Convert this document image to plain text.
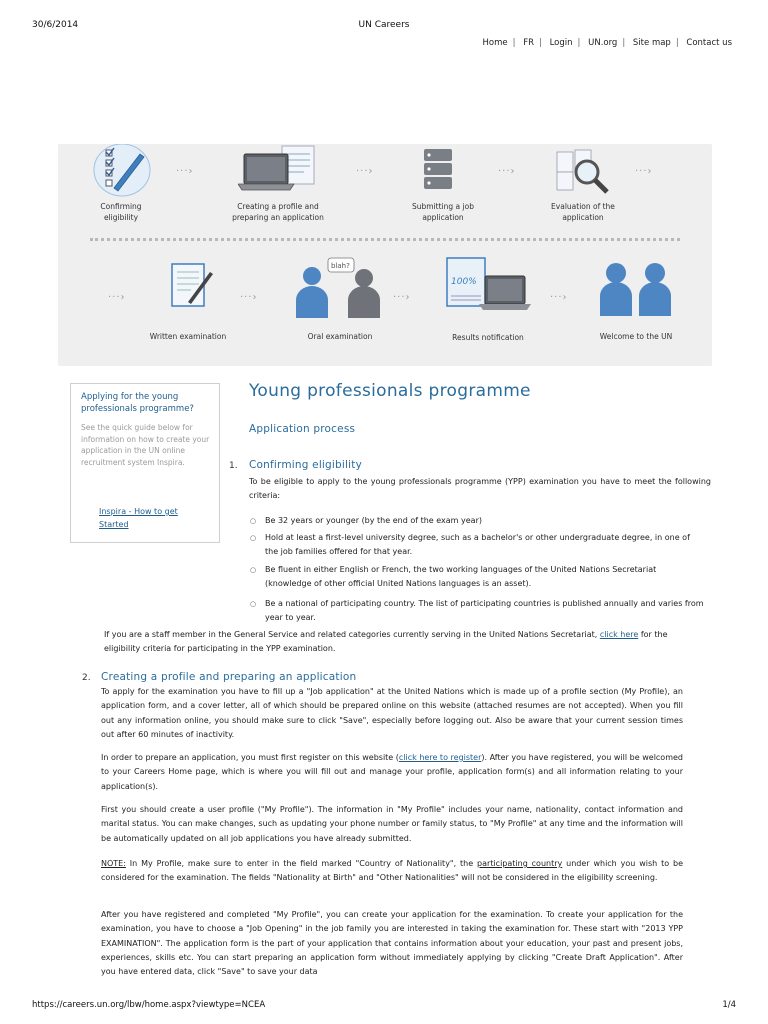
30/6/2014	UN Careers
Home | FR | Login | UN.org | Site map | Contact us
···›	···›	···›	···›
Confirming eligibility
Creating a profile and preparing an application
Submitting a job application
Evaluation of the application
···›	···›
blah?
···›
100%
···›
Written examination	Oral examination	Results notification	Welcome to the UN
Applying for the young professionals programme?
See the quick guide below for information on how to create your application in the UN online recruitment system Inspira.
Inspira - How to get Started
Young professionals programme
Application process
1. Confirming eligibility
To be eligible to apply to the young professionals programme (YPP) examination you have to meet the following criteria:
○ Be 32 years or younger (by the end of the exam year)
○ Hold at least a first-level university degree, such as a bachelor's or other undergraduate degree, in one of the job families offered for that year.
○ Be fluent in either English or French, the two working languages of the United Nations Secretariat (knowledge of other official United Nations languages is an asset).
○ Be a national of participating country. The list of participating countries is published annually and varies from year to year.
If you are a staff member in the General Service and related categories currently serving in the United Nations Secretariat, click here for the eligibility criteria for participating in the YPP examination.
2. Creating a profile and preparing an application
To apply for the examination you have to fill up a "Job application" at the United Nations which is made up of a profile section (My Profile), an application form, and a cover letter, all of which should be prepared online on this website (attached resumes are not accepted). When you fill out any information online, you should make sure to click "Save", especially before logging out. Also be aware that your current session times out after 60 minutes of inactivity.
In order to prepare an application, you must first register on this website (click here to register). After you have registered, you will be welcomed to your Careers Home page, which is where you will fill out and manage your profile, application form(s) and all information relating to your application(s).
First you should create a user profile ("My Profile"). The information in "My Profile" includes your name, nationality, contact information and marital status. You can make changes, such as updating your phone number or family status, to "My Profile" at any time and the information will be automatically updated on all job applications you have already submitted.
NOTE: In My Profile, make sure to enter in the field marked "Country of Nationality", the participating country under which you wish to be considered for the examination. The fields "Nationality at Birth" and "Other Nationalities" will not be considered in the eligibility screening.
After you have registered and completed "My Profile", you can create your application for the examination. To create your application for the examination, you have to choose a "Job Opening" in the job family you are interested in taking the examination for. These start with "2013 YPP EXAMINATION". The application form is the part of your application that contains information about your education, your past and present jobs, experiences, skills etc. You can start preparing an application form without immediately applying by clicking "Create Draft Application". After you have entered data, click "Save" to save your data
https://careers.un.org/lbw/home.aspx?viewtype=NCEA	1/4
